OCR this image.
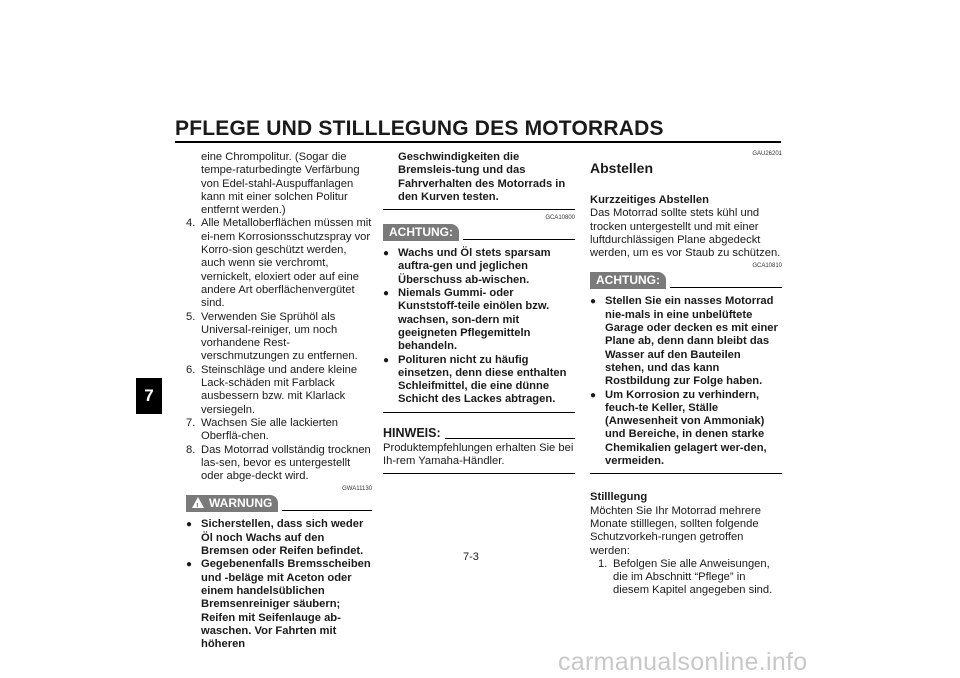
PFLEGE UND STILLLEGUNG DES MOTORRADS
7
eine Chrompolitur. (Sogar die tempe-raturbedingte Verfärbung von Edel-stahl-Auspuffanlagen kann mit einer solchen Politur entfernt werden.)
4. Alle Metalloberflächen müssen mit ei-nem Korrosionsschutzspray vor Korro-sion geschützt werden, auch wenn sie verchromt, vernickelt, eloxiert oder auf eine andere Art oberflächenvergütet sind.
5. Verwenden Sie Sprühöl als Universal-reiniger, um noch vorhandene Rest-verschmutzungen zu entfernen.
6. Steinschläge und andere kleine Lack-schäden mit Farblack ausbessern bzw. mit Klarlack versiegeln.
7. Wachsen Sie alle lackierten Oberflä-chen.
8. Das Motorrad vollständig trocknen las-sen, bevor es untergestellt oder abge-deckt wird.
GWA11130
!WARNUNG
● Sicherstellen, dass sich weder Öl noch Wachs auf den Bremsen oder Reifen befindet.
● Gegebenenfalls Bremsscheiben und -beläge mit Aceton oder einem handelsüblichen Bremsenreiniger säubern; Reifen mit Seifenlauge ab-waschen. Vor Fahrten mit höheren
Geschwindigkeiten die Bremsleis-tung und das Fahrverhalten des Motorrads in den Kurven testen.
GCA10800
ACHTUNG:
● Wachs und Öl stets sparsam auftra-gen und jeglichen Überschuss ab-wischen.
● Niemals Gummi- oder Kunststoff-teile einölen bzw. wachsen, son-dern mit geeigneten Pflegemitteln behandeln.
● Polituren nicht zu häufig einsetzen, denn diese enthalten Schleifmittel, die eine dünne Schicht des Lackes abtragen.
HINWEIS:
Produktempfehlungen erhalten Sie bei Ih-rem Yamaha-Händler.
GAU26201
Abstellen
Kurzzeitiges Abstellen
Das Motorrad sollte stets kühl und trocken untergestellt und mit einer luftdurchlässigen Plane abgedeckt werden, um es vor Staub zu schützen.
GCA10810
ACHTUNG:
● Stellen Sie ein nasses Motorrad nie-mals in eine unbelüftete Garage oder decken es mit einer Plane ab, denn dann bleibt das Wasser auf den Bauteilen stehen, und das kann Rostbildung zur Folge haben.
● Um Korrosion zu verhindern, feuch-te Keller, Ställe (Anwesenheit von Ammoniak) und Bereiche, in denen starke Chemikalien gelagert wer-den, vermeiden.
Stilllegung
Möchten Sie Ihr Motorrad mehrere Monate stilllegen, sollten folgende Schutzvorkeh-rungen getroffen werden:
1. Befolgen Sie alle Anweisungen, die im Abschnitt “Pflege” in diesem Kapitel angegeben sind.
7-3
carmanualsonline.info
